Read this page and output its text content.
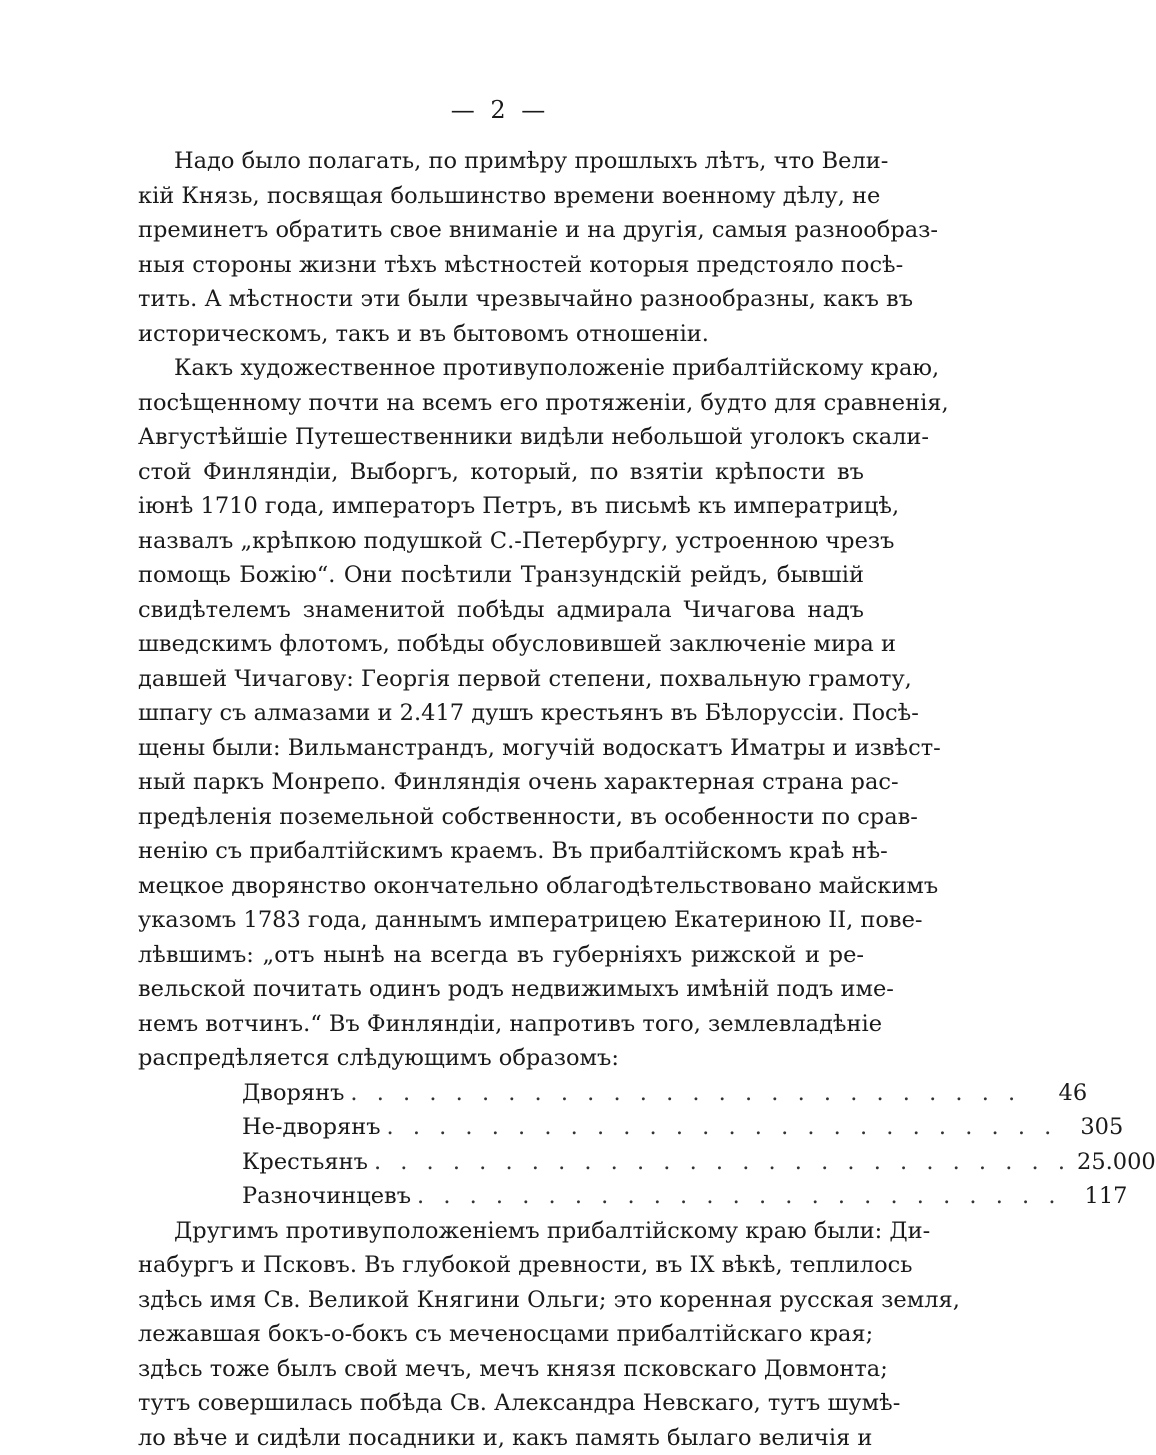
— 2 —
Надо было полагать, по примѣру прошлыхъ лѣтъ, что Вели-
кій Князь, посвящая большинство времени военному дѣлу, не
преминетъ обратить свое вниманіе и на другія, самыя разнообраз-
ныя стороны жизни тѣхъ мѣстностей которыя предстояло посѣ-
тить. А мѣстности эти были чрезвычайно разнообразны, какъ въ
историческомъ, такъ и въ бытовомъ отношеніи.
Какъ художественное противуположеніе прибалтійскому краю,
посѣщенному почти на всемъ его протяженіи, будто для сравненія,
Августѣйшіе Путешественники видѣли небольшой уголокъ скали-
стой Финляндіи, Выборгъ, который, по взятіи крѣпости въ
іюнѣ 1710 года, императоръ Петръ, въ письмѣ къ императрицѣ,
назвалъ „крѣпкою подушкой С.-Петербургу, устроенною чрезъ
помощь Божію“. Они посѣтили Транзундскій рейдъ, бывшій
свидѣтелемъ знаменитой побѣды адмирала Чичагова надъ
шведскимъ флотомъ, побѣды обусловившей заключеніе мира и
давшей Чичагову: Георгія первой степени, похвальную грамоту,
шпагу съ алмазами и 2.417 душъ крестьянъ въ Бѣлоруссіи. Посѣ-
щены были: Вильманстрандъ, могучій водоскатъ Иматры и извѣст-
ный паркъ Монрепо. Финляндія очень характерная страна рас-
предѣленія поземельной собственности, въ особенности по срав-
ненію съ прибалтійскимъ краемъ. Въ прибалтійскомъ краѣ нѣ-
мецкое дворянство окончательно облагодѣтельствовано майскимъ
указомъ 1783 года, даннымъ императрицею Екатериною II, пове-
лѣвшимъ: „отъ нынѣ на всегда въ губерніяхъ рижской и ре-
вельской почитать одинъ родъ недвижимыхъ имѣній подъ име-
немъ вотчинъ.“ Въ Финляндіи, напротивъ того, землевладѣніе
распредѣляется слѣдующимъ образомъ:
Дворянъ . . . . . . . . . . . . . . . . . . . . . . . . . .	46
Не-дворянъ . . . . . . . . . . . . . . . . . . . . . . . . . .	305
Крестьянъ . . . . . . . . . . . . . . . . . . . . . . . . . . . 25.000
Разночинцевъ . . . . . . . . . . . . . . . . . . . . . . . . .	117
Другимъ противуположеніемъ прибалтійскому краю были: Ди-
набургъ и Псковъ. Въ глубокой древности, въ IX вѣкѣ, теплилось
здѣсь имя Св. Великой Княгини Ольги; это коренная русская земля,
лежавшая бокъ-о-бокъ съ меченосцами прибалтійскаго края;
здѣсь тоже былъ свой мечъ, мечъ князя псковскаго Довмонта;
тутъ совершилась побѣда Св. Александра Невскаго, тутъ шумѣ-
ло вѣче и сидѣли посадники и, какъ память былаго величія и
